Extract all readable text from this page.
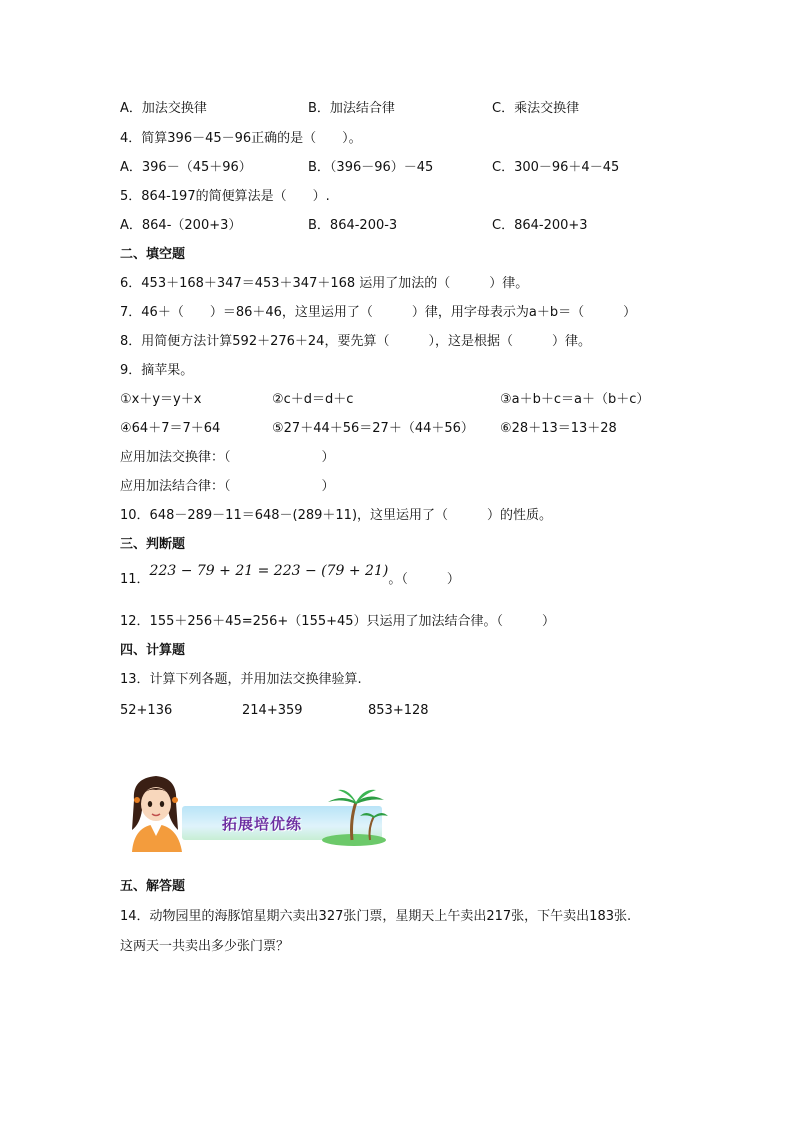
A．加法交换律	B．加法结合律	C．乘法交换律
4．简算396－45－96正确的是（　　）。
A．396－（45＋96）	B．（396－96）－45	C．300－96＋4－45
5．864-197的简便算法是（　　）.
A．864-（200+3）	B．864-200-3	C．864-200+3
二、填空题
6．453＋168＋347＝453＋347＋168 运用了加法的（　　　）律。
7．46＋（　　）＝86＋46，这里运用了（　　　）律，用字母表示为a＋b＝（　　　）
8．用简便方法计算592＋276＋24，要先算（　　　），这是根据（　　　）律。
9．摘苹果。
①x＋y＝y＋x	②c＋d＝d＋c	③a＋b＋c＝a＋（b＋c）
④64＋7＝7＋64	⑤27＋44＋56＝27＋（44＋56） ⑥28＋13＝13＋28
应用加法交换律：（　　　　　　　）
应用加法结合律：（　　　　　　　）
10．648－289－11＝648－(289＋11)，这里运用了（　　　）的性质。
三、判断题
11．223 − 79 + 21 = 223 − (79 + 21)。（　　　）
12．155＋256＋45=256+（155+45）只运用了加法结合律。（　　　）
四、计算题
13．计算下列各题，并用加法交换律验算.
52+136	214+359	853+128
拓展培优练
五、解答题
14．动物园里的海豚馆星期六卖出327张门票，星期天上午卖出217张，下午卖出183张.
这两天一共卖出多少张门票？
